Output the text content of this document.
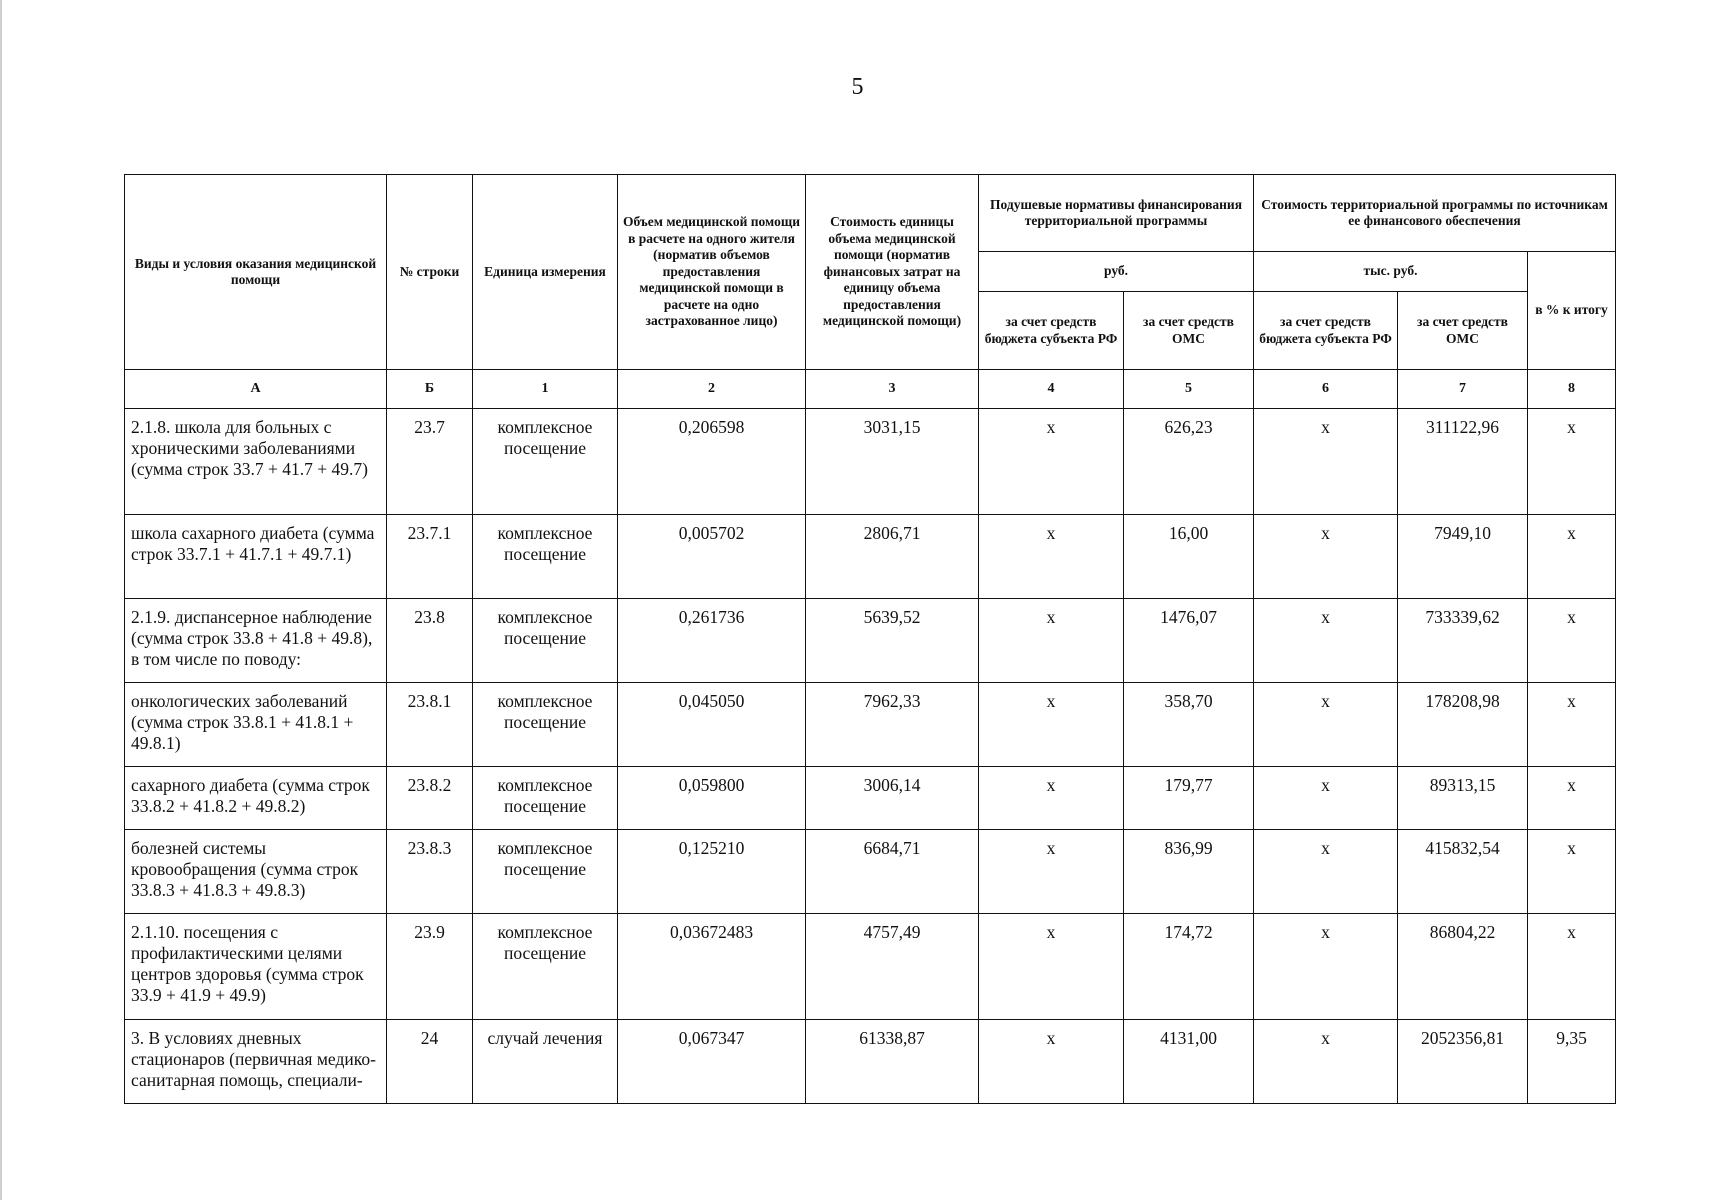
5
Виды и условия оказания медицинской помощи	№ строки	Единица измерения	Объем медицинской помощи в расчете на одного жителя (норматив объемов предоставления медицинской помощи в расчете на одно застрахованное лицо)	Стоимость единицы объема медицинской помощи (норматив финансовых затрат на единицу объема предоставления медицинской помощи)	Подушевые нормативы финансирования территориальной программы		Стоимость территориальной программы по источникам ее финансового обеспечения		

					руб.		тыс. руб.		в % к итогу

					за счет средств бюджета субъекта РФ	за счет средств ОМС	за счет средств бюджета субъекта РФ	за счет средств ОМС	

А	Б	1	2	3	4	5	6	7	8

2.1.8. школа для больных с хроническими заболеваниями (сумма строк 33.7 + 41.7 + 49.7)	23.7	комплексное посещение	0,206598	3031,15	х	626,23	х	311122,96	х

школа сахарного диабета (сумма строк 33.7.1 + 41.7.1 + 49.7.1)	23.7.1	комплексное посещение	0,005702	2806,71	х	16,00	х	7949,10	х

2.1.9. диспансерное наблюдение (сумма строк 33.8 + 41.8 + 49.8), в том числе по поводу:	23.8	комплексное посещение	0,261736	5639,52	х	1476,07	х	733339,62	х

онкологических заболеваний (сумма строк 33.8.1 + 41.8.1 + 49.8.1)	23.8.1	комплексное посещение	0,045050	7962,33	х	358,70	х	178208,98	х

сахарного диабета (сумма строк 33.8.2 + 41.8.2 + 49.8.2)	23.8.2	комплексное посещение	0,059800	3006,14	х	179,77	х	89313,15	х

болезней системы кровообращения (сумма строк 33.8.3 + 41.8.3 + 49.8.3)	23.8.3	комплексное посещение	0,125210	6684,71	х	836,99	х	415832,54	х

2.1.10. посещения с профилактическими целями центров здоровья (сумма строк 33.9 + 41.9 + 49.9)	23.9	комплексное посещение	0,03672483	4757,49	х	174,72	х	86804,22	х

3. В условиях дневных стационаров (первичная медико-санитарная помощь, специали-	24	случай лечения	0,067347	61338,87	х	4131,00	х	2052356,81	9,35
